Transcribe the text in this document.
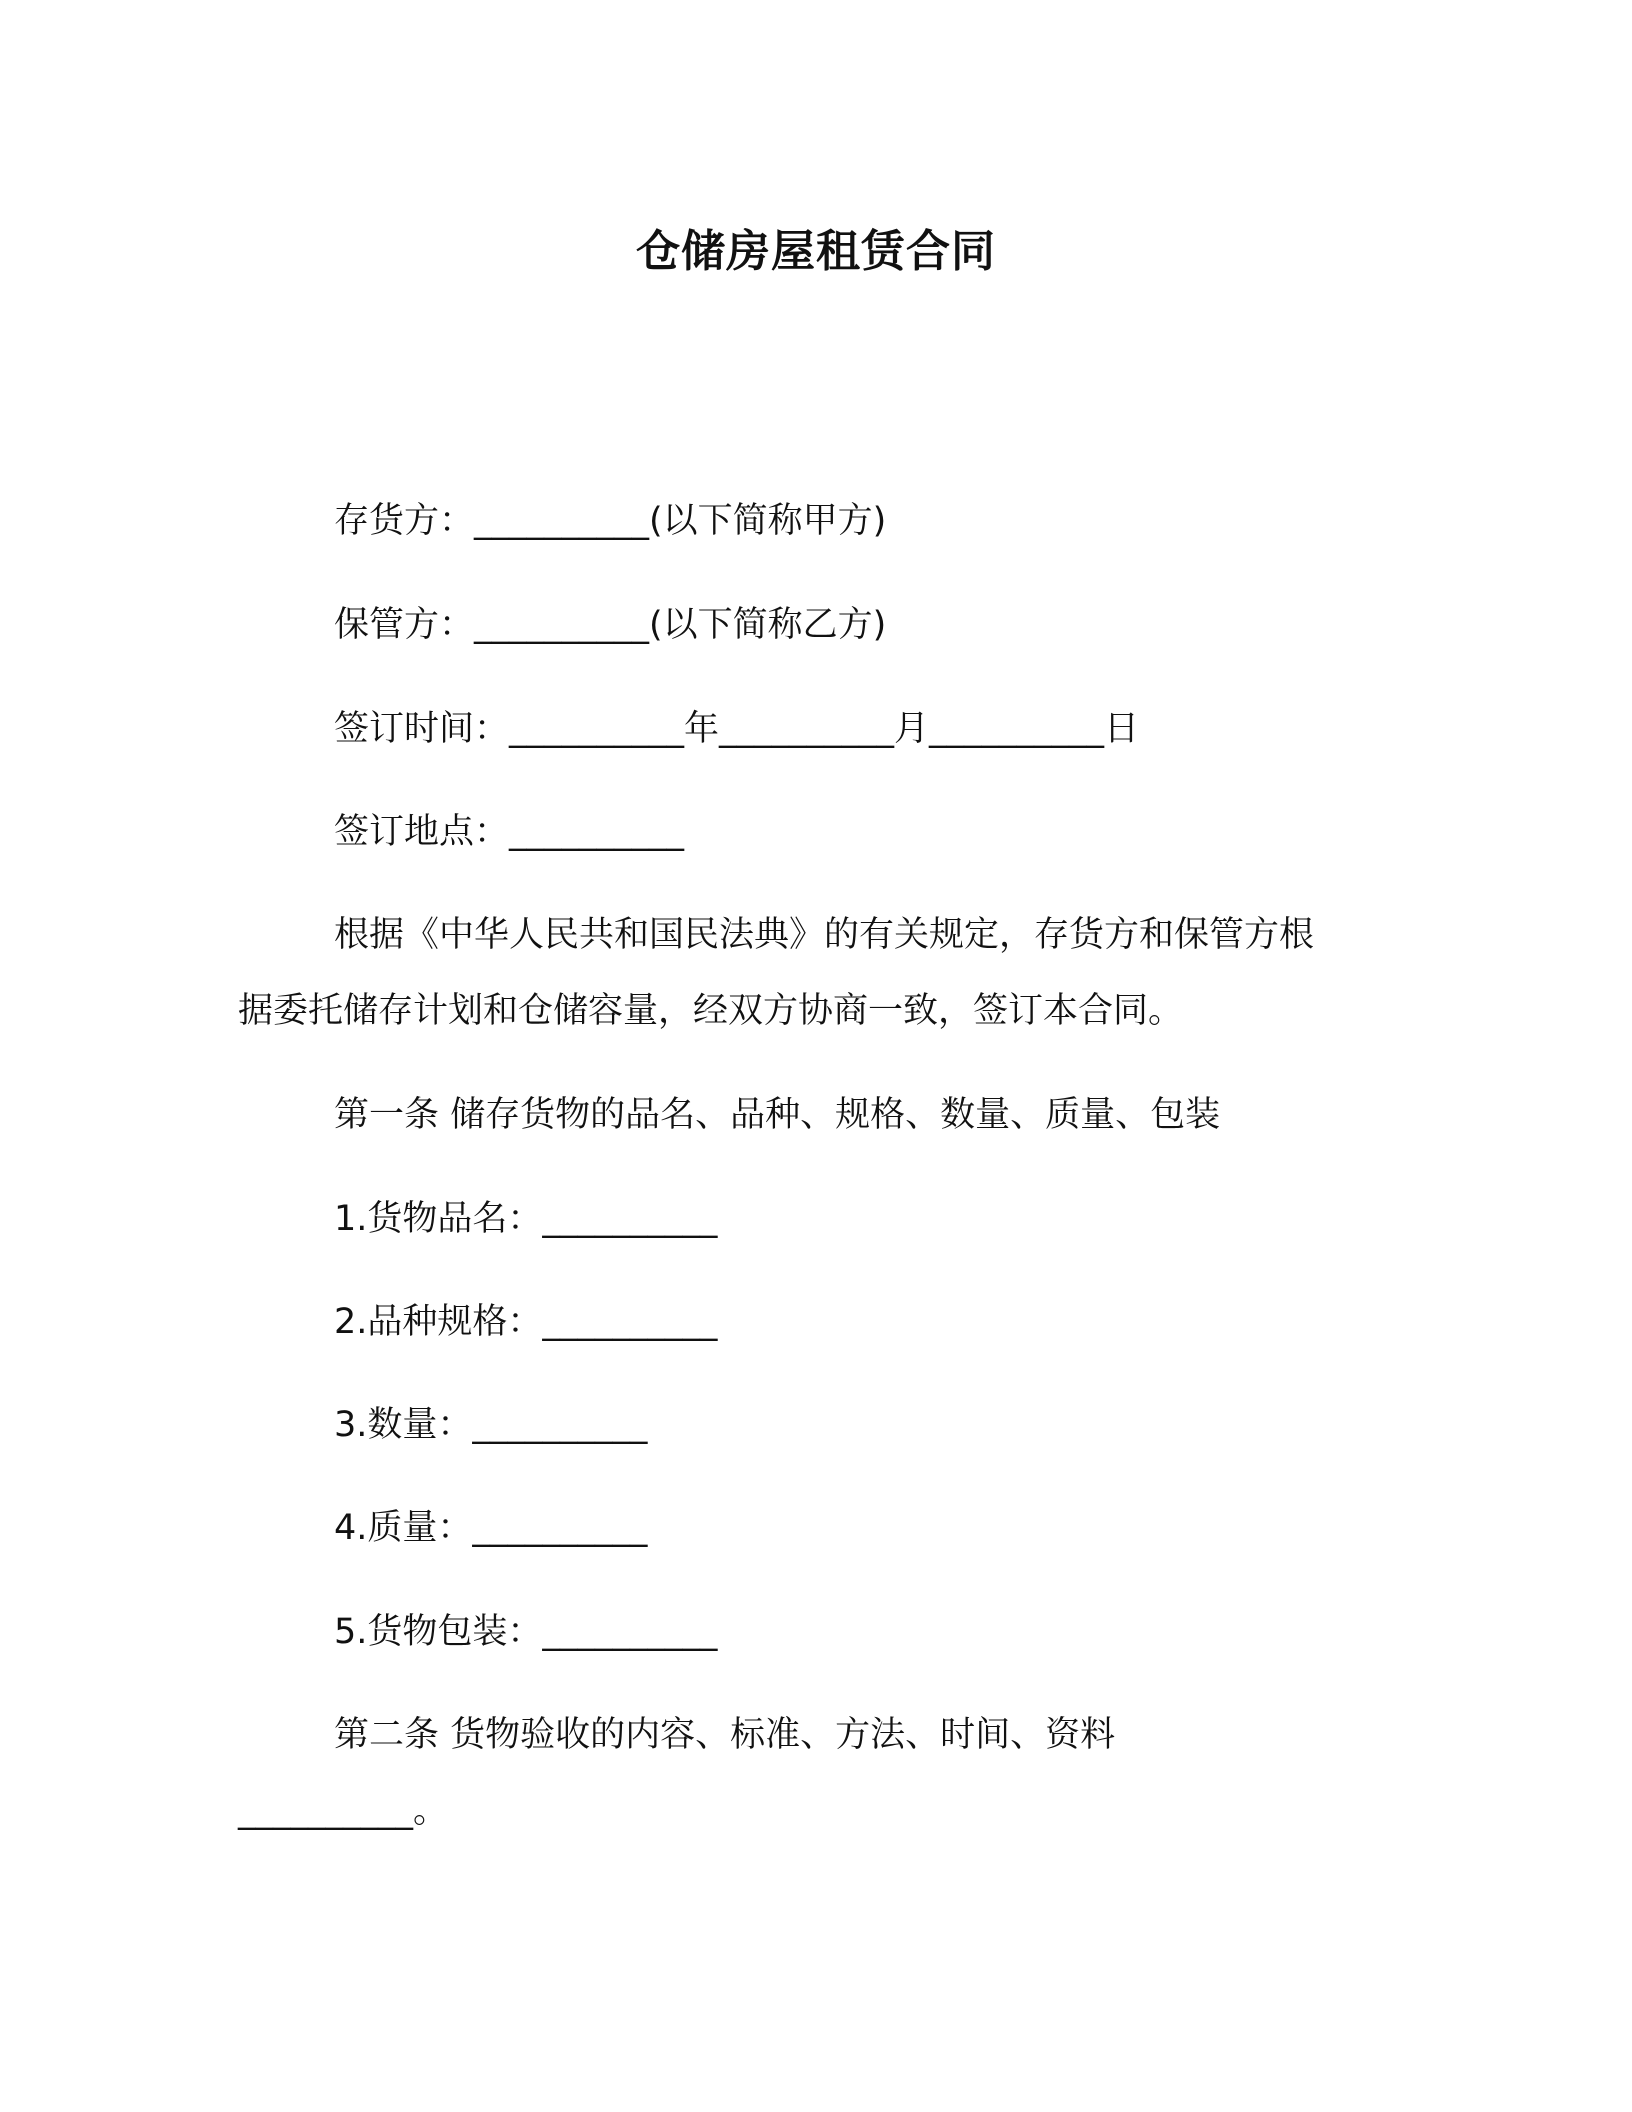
仓储房屋租赁合同
存货方：__________(以下简称甲方)
保管方：__________(以下简称乙方)
签订时间：__________年__________月__________日
签订地点：__________
根据《中华人民共和国民法典》的有关规定，存货方和保管方根
据委托储存计划和仓储容量，经双方协商一致，签订本合同。
第一条 储存货物的品名、品种、规格、数量、质量、包装
1.货物品名：__________
2.品种规格：__________
3.数量：__________
4.质量：__________
5.货物包装：__________
第二条 货物验收的内容、标准、方法、时间、资料
__________。
